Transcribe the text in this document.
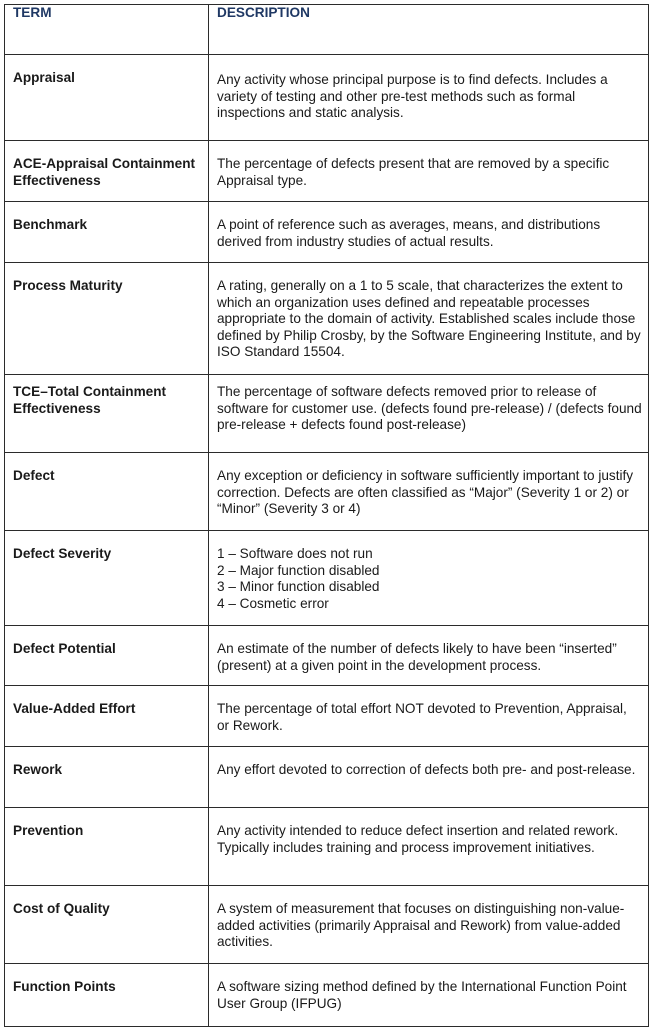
TERM	DESCRIPTION
Appraisal	Any activity whose principal purpose is to find defects. Includes a variety of testing and other pre-test methods such as formal inspections and static analysis.
ACE-Appraisal Containment Effectiveness	The percentage of defects present that are removed by a specific Appraisal type.
Benchmark	A point of reference such as averages, means, and distributions derived from industry studies of actual results.
Process Maturity	A rating, generally on a 1 to 5 scale, that characterizes the extent to which an organization uses defined and repeatable processes appropriate to the domain of activity. Established scales include those defined by Philip Crosby, by the Software Engineering Institute, and by ISO Standard 15504.
TCE–Total Containment Effectiveness	The percentage of software defects removed prior to release of software for customer use. (defects found pre-release) / (defects found pre-release + defects found post-release)
Defect	Any exception or deficiency in software sufficiently important to justify correction. Defects are often classified as “Major” (Severity 1 or 2) or “Minor” (Severity 3 or 4)
Defect Severity	1 – Software does not run
2 – Major function disabled
3 – Minor function disabled
4 – Cosmetic error

Defect Potential	An estimate of the number of defects likely to have been “inserted” (present) at a given point in the development process.
Value-Added Effort	The percentage of total effort NOT devoted to Prevention, Appraisal, or Rework.
Rework	Any effort devoted to correction of defects both pre- and post-release.
Prevention	Any activity intended to reduce defect insertion and related rework. Typically includes training and process improvement initiatives.
Cost of Quality	A system of measurement that focuses on distinguishing non-value-added activities (primarily Appraisal and Rework) from value-added activities.
Function Points	A software sizing method defined by the International Function Point User Group (IFPUG)
